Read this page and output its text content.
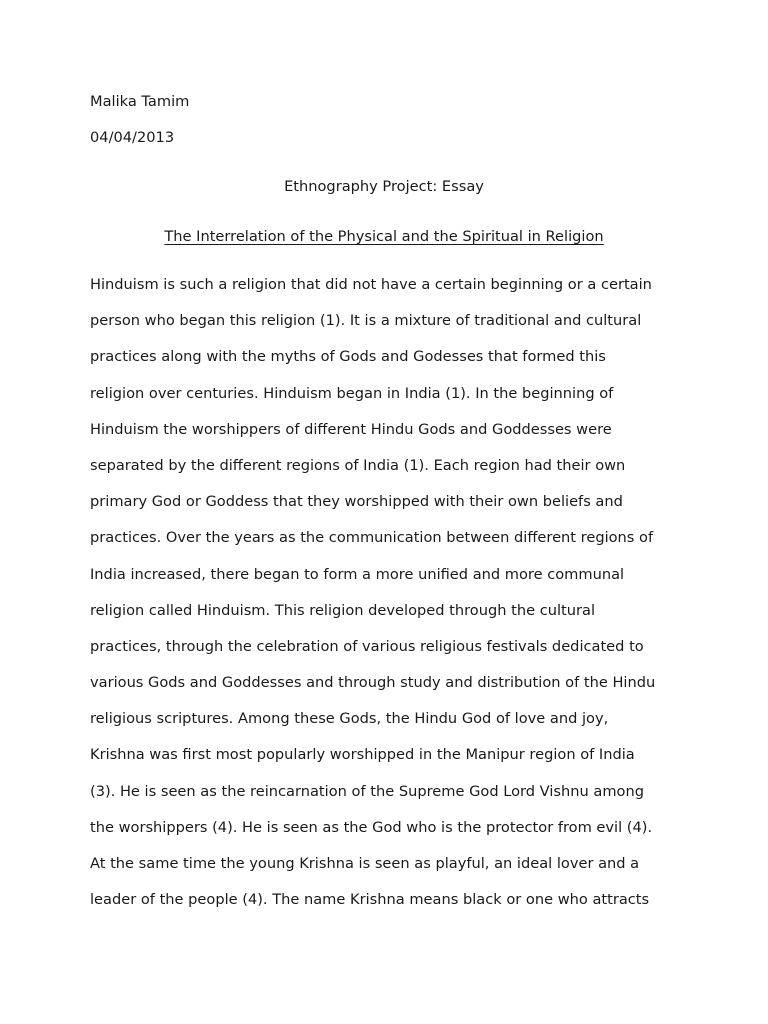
Malika Tamim
04/04/2013
Ethnography Project: Essay
The Interrelation of the Physical and the Spiritual in Religion
Hinduism is such a religion that did not have a certain beginning or a certain
person who began this religion (1). It is a mixture of traditional and cultural
practices along with the myths of Gods and Godesses that formed this
religion over centuries. Hinduism began in India (1). In the beginning of
Hinduism the worshippers of different Hindu Gods and Goddesses were
separated by the different regions of India (1). Each region had their own
primary God or Goddess that they worshipped with their own beliefs and
practices. Over the years as the communication between different regions of
India increased, there began to form a more unified and more communal
religion called Hinduism. This religion developed through the cultural
practices, through the celebration of various religious festivals dedicated to
various Gods and Goddesses and through study and distribution of the Hindu
religious scriptures. Among these Gods, the Hindu God of love and joy,
Krishna was first most popularly worshipped in the Manipur region of India
(3). He is seen as the reincarnation of the Supreme God Lord Vishnu among
the worshippers (4). He is seen as the God who is the protector from evil (4).
At the same time the young Krishna is seen as playful, an ideal lover and a
leader of the people (4). The name Krishna means black or one who attracts
